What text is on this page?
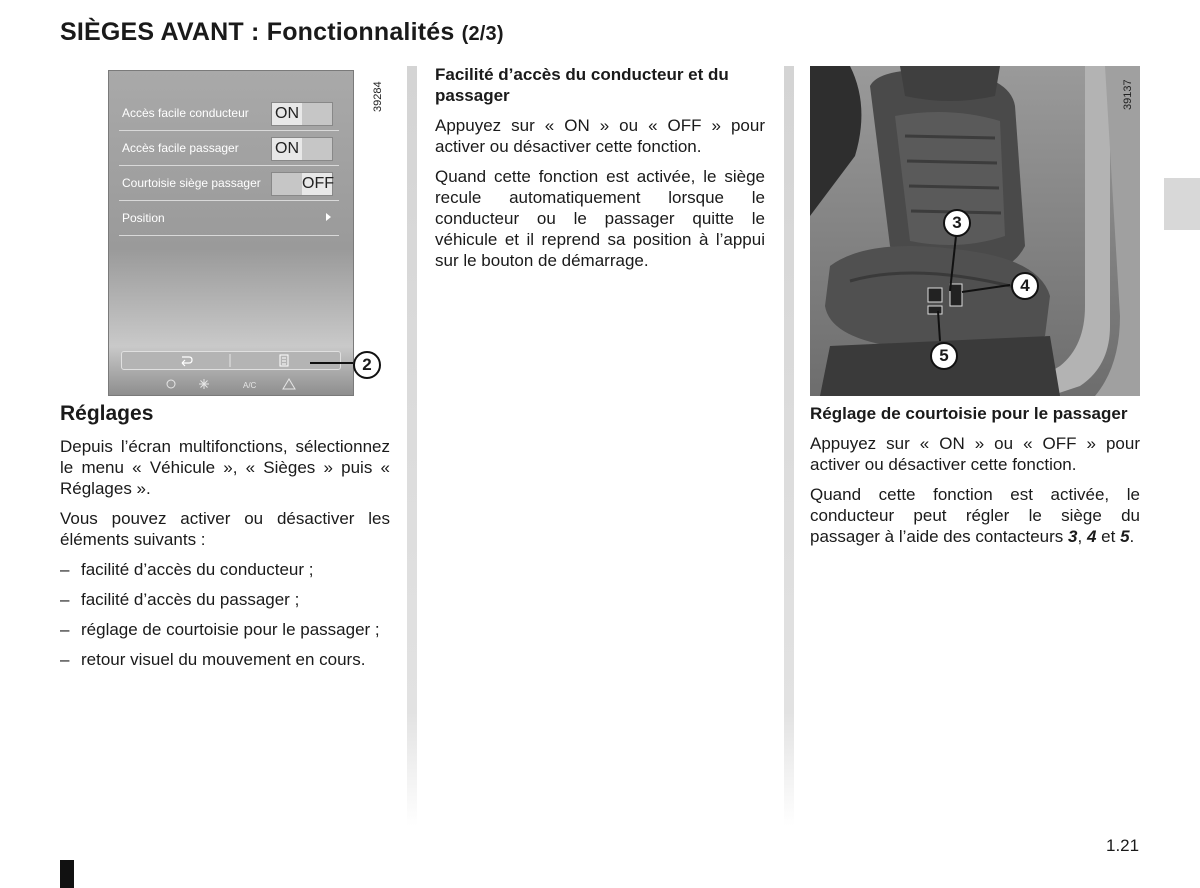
SIÈGES AVANT : Fonctionnalités (2/3)
Accès facile conducteur ON
Accès facile passager ON
Courtoisie siège passager	OFF
Position
A/C
39284
2
Réglages

Depuis l’écran multifonctions, sélectionnez le menu « Véhicule », « Sièges » puis « Réglages ».

Vous pouvez activer ou désactiver les éléments suivants :

– facilité d’accès du conducteur ;
– facilité d’accès du passager ;
– réglage de courtoisie pour le passager ;
– retour visuel du mouvement en cours.

Facilité d’accès du conducteur et du passager

Appuyez sur « ON » ou « OFF » pour activer ou désactiver cette fonction.

Quand cette fonction est activée, le siège recule automatiquement lorsque le conducteur ou le passager quitte le véhicule et il reprend sa position à l’appui sur le bouton de démarrage.

39137
3
4
5

Réglage de courtoisie pour le passager

Appuyez sur « ON » ou « OFF » pour activer ou désactiver cette fonction.

Quand cette fonction est activée, le conducteur peut régler le siège du passager à l’aide des contacteurs 3, 4 et 5.

1.21
